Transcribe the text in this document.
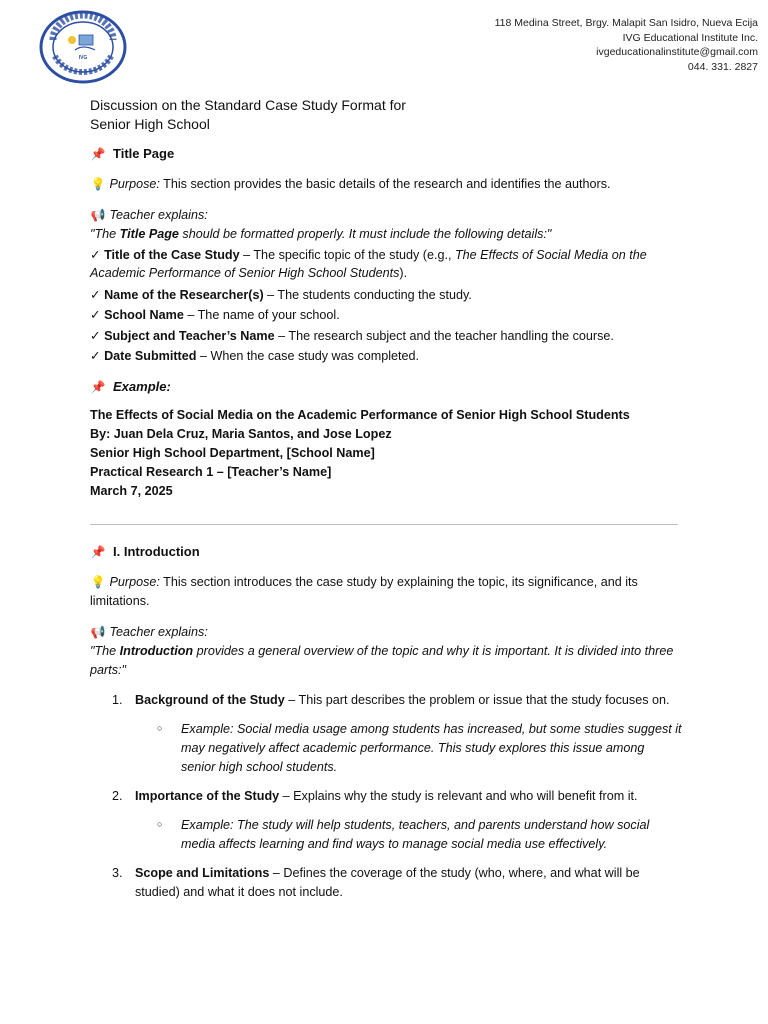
IVG
118 Medina Street, Brgy. Malapit San Isidro, Nueva Ecija
IVG Educational Institute Inc.
ivgeducationalinstitute@gmail.com
044. 331. 2827
Discussion on the Standard Case Study Format for
Senior High School
📌 Title Page
💡 Purpose: This section provides the basic details of the research and identifies the authors.
📢 Teacher explains:
"The Title Page should be formatted properly. It must include the following details:"
✓ Title of the Case Study – The specific topic of the study (e.g., The Effects of Social Media on the
Academic Performance of Senior High School Students).
✓ Name of the Researcher(s) – The students conducting the study.
✓ School Name – The name of your school.
✓ Subject and Teacher’s Name – The research subject and the teacher handling the course.
✓ Date Submitted – When the case study was completed.
📌 Example:
The Effects of Social Media on the Academic Performance of Senior High School Students
By: Juan Dela Cruz, Maria Santos, and Jose Lopez
Senior High School Department, [School Name]
Practical Research 1 – [Teacher’s Name]
March 7, 2025
📌 I. Introduction
💡 Purpose: This section introduces the case study by explaining the topic, its significance, and its
limitations.
📢 Teacher explains:
"The Introduction provides a general overview of the topic and why it is important. It is divided into three
parts:"
1. Background of the Study – This part describes the problem or issue that the study focuses on.
○ Example: Social media usage among students has increased, but some studies suggest it
may negatively affect academic performance. This study explores this issue among
senior high school students.
2. Importance of the Study – Explains why the study is relevant and who will benefit from it.
○ Example: The study will help students, teachers, and parents understand how social
media affects learning and find ways to manage social media use effectively.
3. Scope and Limitations – Defines the coverage of the study (who, where, and what will be
studied) and what it does not include.
